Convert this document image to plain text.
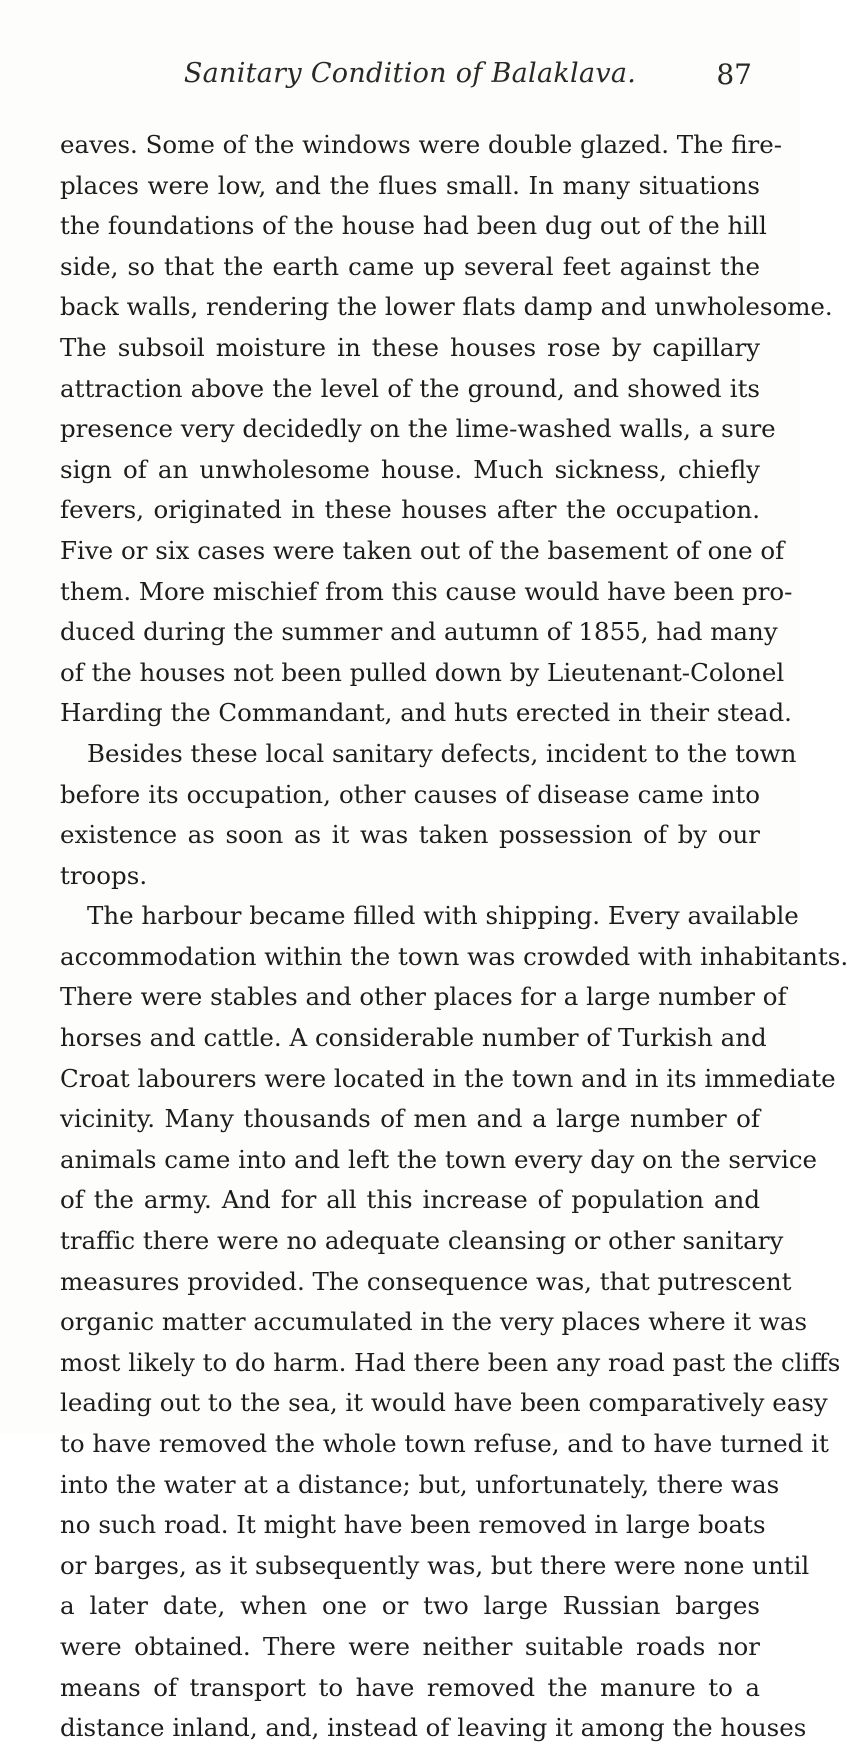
Sanitary Condition of Balaklava.	87
eaves. Some of the windows were double glazed. The fire-
places were low, and the flues small. In many situations
the foundations of the house had been dug out of the hill
side, so that the earth came up several feet against the
back walls, rendering the lower flats damp and unwholesome.
The subsoil moisture in these houses rose by capillary
attraction above the level of the ground, and showed its
presence very decidedly on the lime-washed walls, a sure
sign of an unwholesome house. Much sickness, chiefly
fevers, originated in these houses after the occupation.
Five or six cases were taken out of the basement of one of
them. More mischief from this cause would have been pro-
duced during the summer and autumn of 1855, had many
of the houses not been pulled down by Lieutenant-Colonel
Harding the Commandant, and huts erected in their stead.
Besides these local sanitary defects, incident to the town
before its occupation, other causes of disease came into
existence as soon as it was taken possession of by our
troops.
The harbour became filled with shipping. Every available
accommodation within the town was crowded with inhabitants.
There were stables and other places for a large number of
horses and cattle. A considerable number of Turkish and
Croat labourers were located in the town and in its immediate
vicinity. Many thousands of men and a large number of
animals came into and left the town every day on the service
of the army. And for all this increase of population and
traffic there were no adequate cleansing or other sanitary
measures provided. The consequence was, that putrescent
organic matter accumulated in the very places where it was
most likely to do harm. Had there been any road past the cliffs
leading out to the sea, it would have been comparatively easy
to have removed the whole town refuse, and to have turned it
into the water at a distance; but, unfortunately, there was
no such road. It might have been removed in large boats
or barges, as it subsequently was, but there were none until
a later date, when one or two large Russian barges
were obtained. There were neither suitable roads nor
means of transport to have removed the manure to a
distance inland, and, instead of leaving it among the houses
